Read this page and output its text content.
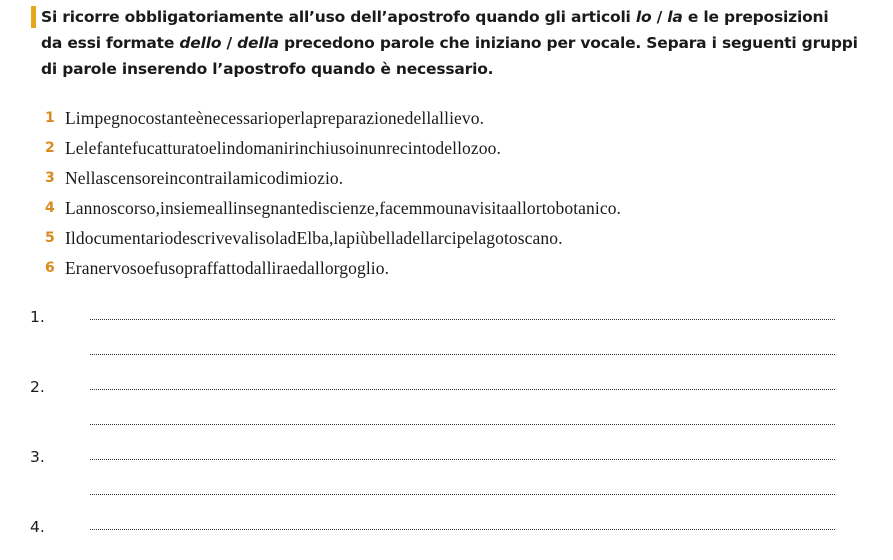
Si ricorre obbligatoriamente all’uso dell’apostrofo quando gli articoli lo / la e le preposizioni

da essi formate dello / della precedono parole che iniziano per vocale. Separa i seguenti gruppi

di parole inserendo l’apostrofo quando è necessario.

1 Limpegnocostanteènecessarioperlapreparazionedellallievo.
2 Lelefantefucatturatoelindomanirinchiusoinunrecintodellozoo.
3 Nellascensoreincontrailamicodimiozio.
4 Lannoscorso,insiemeallinsegnantediscienze,facemmounavisitaallortobotanico.
5 IldocumentariodescrivevalisoladElba,lapiùbelladellarcipelagotoscano.
6 Eranervosoefusopraffattodalliraedallorgoglio.
1.
2.
3.
4.
